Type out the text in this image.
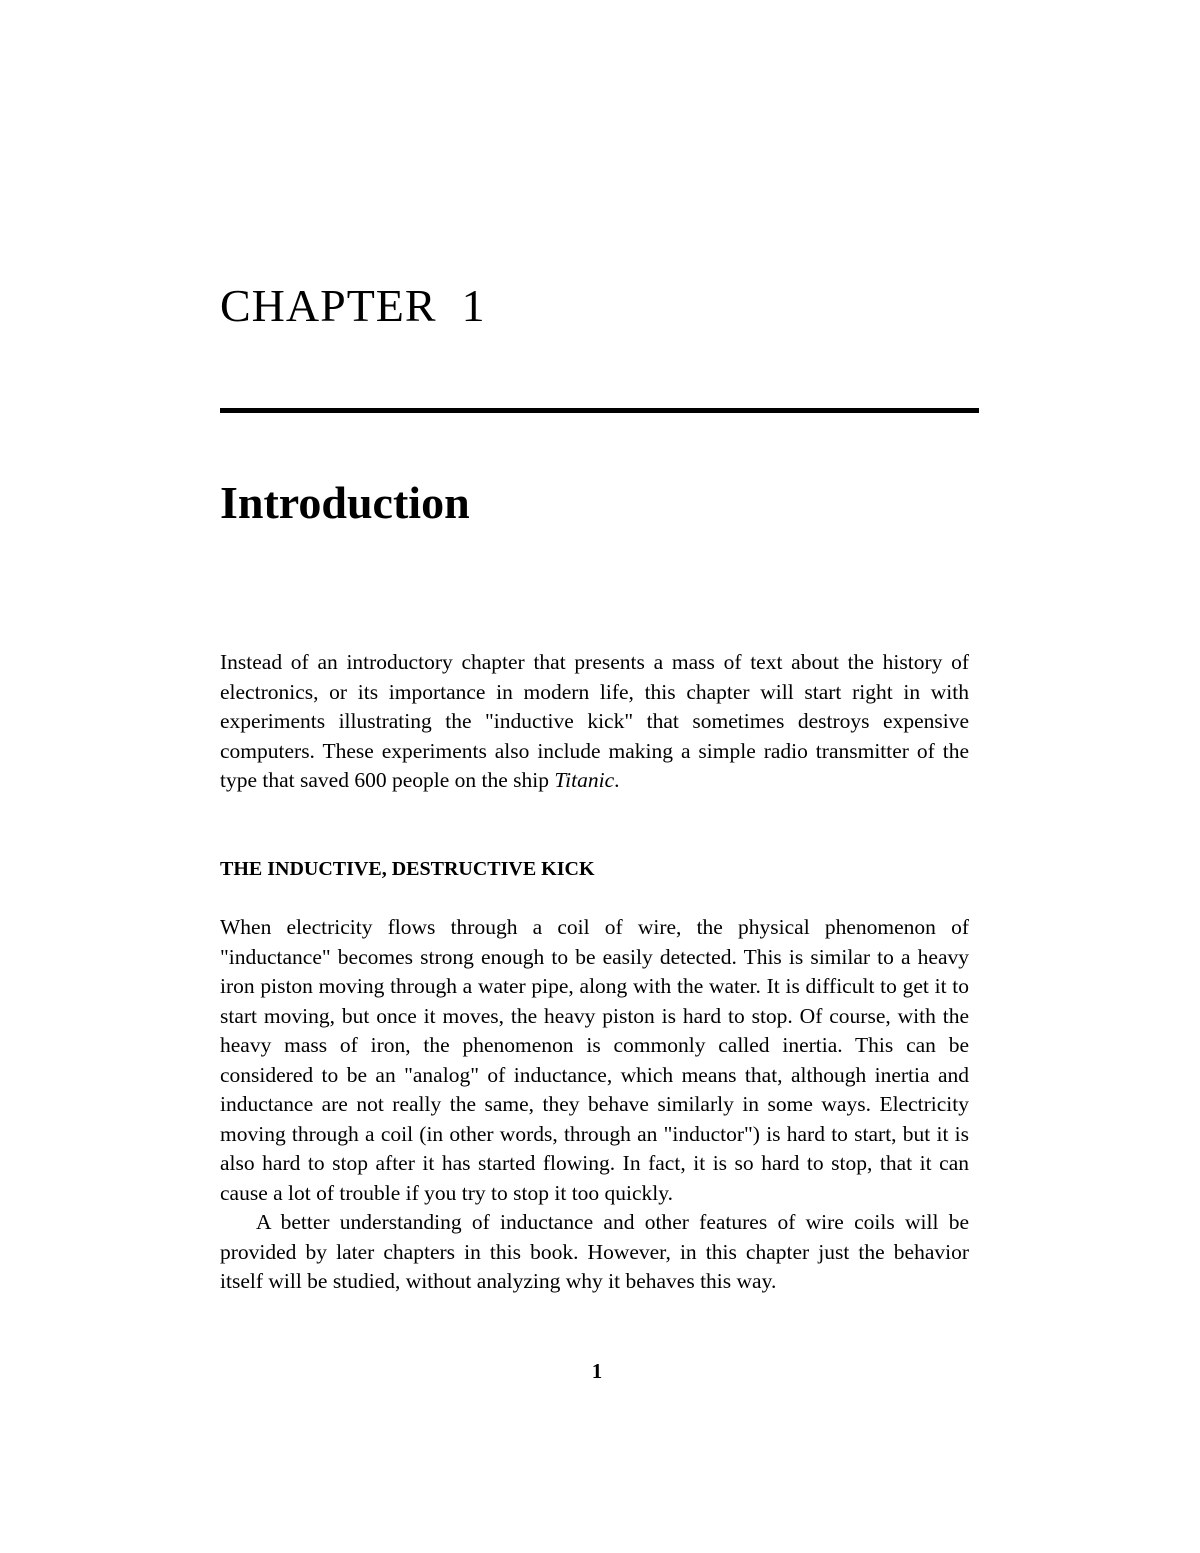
CHAPTER  1
Introduction

Instead of an introductory chapter that presents a mass of text about the history of electronics, or its importance in modern life, this chapter will start right in with experiments illustrating the "inductive kick" that sometimes destroys expensive computers. These experiments also include making a simple radio transmitter of the type that saved 600 people on the ship Titanic.

THE INDUCTIVE, DESTRUCTIVE KICK

When electricity flows through a coil of wire, the physical phenomenon of "inductance" becomes strong enough to be easily detected. This is similar to a heavy iron piston moving through a water pipe, along with the water. It is difficult to get it to start moving, but once it moves, the heavy piston is hard to stop. Of course, with the heavy mass of iron, the phenomenon is commonly called inertia. This can be considered to be an "analog" of inductance, which means that, although inertia and inductance are not really the same, they behave similarly in some ways. Electricity moving through a coil (in other words, through an "inductor") is hard to start, but it is also hard to stop after it has started flowing. In fact, it is so hard to stop, that it can cause a lot of trouble if you try to stop it too quickly.

A better understanding of inductance and other features of wire coils will be provided by later chapters in this book. However, in this chapter just the behavior itself will be studied, without analyzing why it behaves this way.

1
